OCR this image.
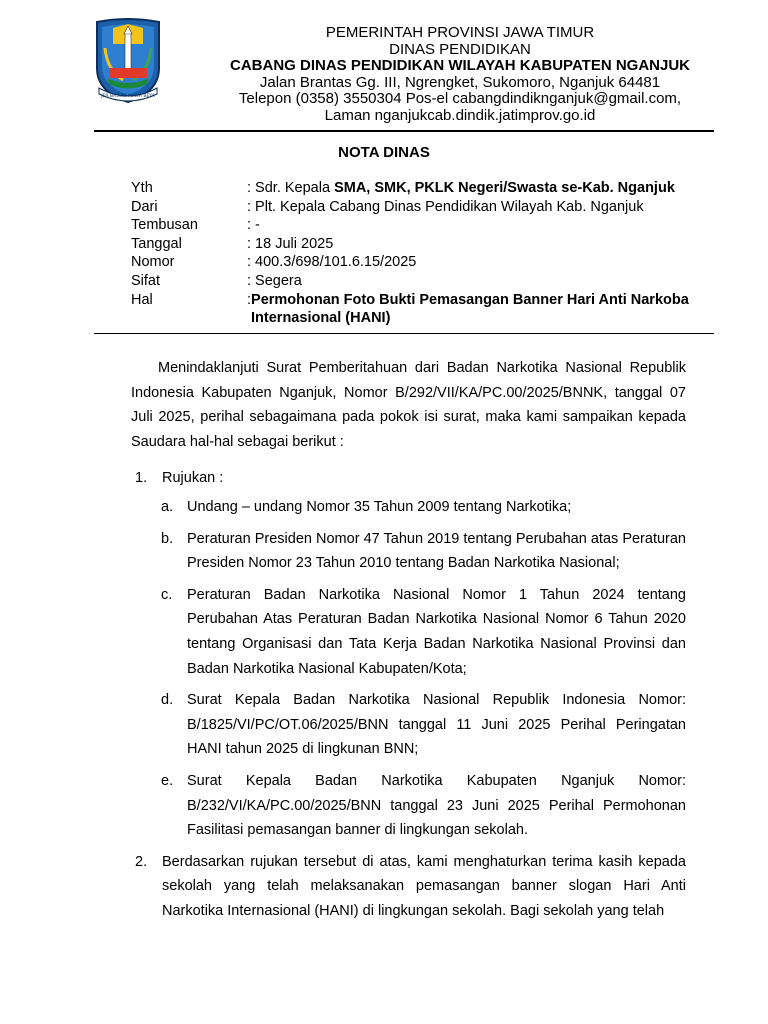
JER BASUKI MAWA BEYA
PEMERINTAH PROVINSI JAWA TIMUR
DINAS PENDIDIKAN
CABANG DINAS PENDIDIKAN WILAYAH KABUPATEN NGANJUK
Jalan Brantas Gg. III, Ngrengket, Sukomoro, Nganjuk 64481
Telepon (0358) 3550304 Pos-el cabangdindiknganjuk@gmail.com,
Laman nganjukcab.dindik.jatimprov.go.id
NOTA DINAS
Yth	: Sdr. Kepala SMA, SMK, PKLK Negeri/Swasta se-Kab. Nganjuk
Dari	: Plt. Kepala Cabang Dinas Pendidikan Wilayah Kab. Nganjuk
Tembusan	: -
Tanggal	: 18 Juli 2025
Nomor	: 400.3/698/101.6.15/2025
Sifat	: Segera
Hal	: Permohonan Foto Bukti Pemasangan Banner Hari Anti Narkoba
Internasional (HANI)

Menindaklanjuti Surat Pemberitahuan dari Badan Narkotika Nasional Republik Indonesia Kabupaten Nganjuk, Nomor B/292/VII/KA/PC.00/2025/BNNK, tanggal 07 Juli 2025, perihal sebagaimana pada pokok isi surat, maka kami sampaikan kepada Saudara hal-hal sebagai berikut :

1.	Rujukan :
a. Undang – undang Nomor 35 Tahun 2009 tentang Narkotika;
b. Peraturan Presiden Nomor 47 Tahun 2019 tentang Perubahan atas Peraturan Presiden Nomor 23 Tahun 2010 tentang Badan Narkotika Nasional;
c.	Peraturan Badan Narkotika Nasional Nomor 1 Tahun 2024 tentang Perubahan Atas Peraturan Badan Narkotika Nasional Nomor 6 Tahun 2020 tentang Organisasi dan Tata Kerja Badan Narkotika Nasional Provinsi dan Badan Narkotika Nasional Kabupaten/Kota;
d. Surat Kepala Badan Narkotika Nasional Republik Indonesia Nomor: B/1825/VI/PC/OT.06/2025/BNN tanggal 11 Juni 2025 Perihal Peringatan HANI tahun 2025 di lingkunan BNN;
e. Surat Kepala Badan Narkotika Kabupaten Nganjuk Nomor: B/232/VI/KA/PC.00/2025/BNN tanggal 23 Juni 2025 Perihal Permohonan Fasilitasi pemasangan banner di lingkungan sekolah.
2.	Berdasarkan rujukan tersebut di atas, kami menghaturkan terima kasih kepada sekolah yang telah melaksanakan pemasangan banner slogan Hari Anti Narkotika Internasional (HANI) di lingkungan sekolah. Bagi sekolah yang telah
